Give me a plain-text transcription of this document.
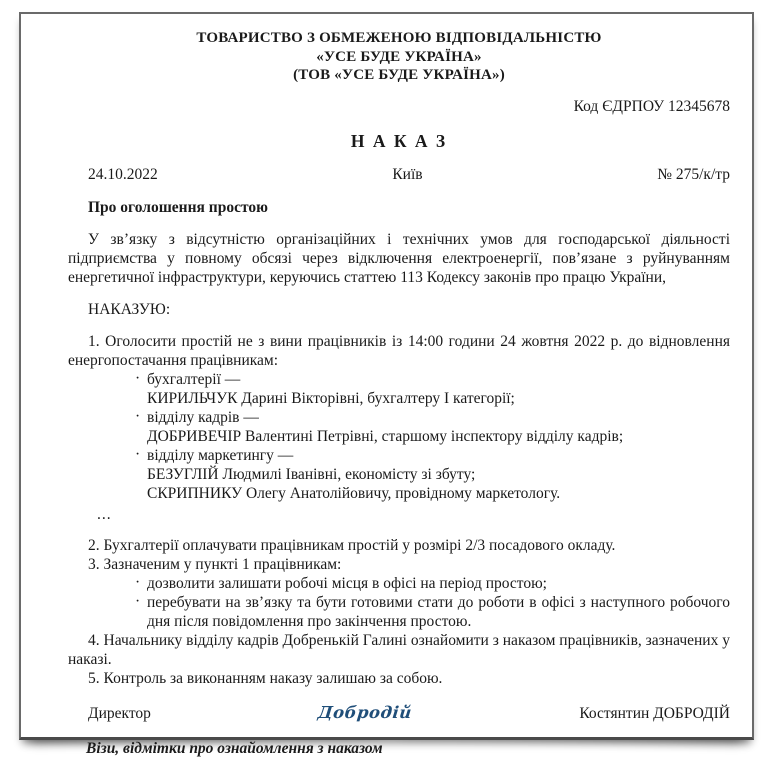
ТОВАРИСТВО З ОБМЕЖЕНОЮ ВІДПОВІДАЛЬНІСТЮ
«УСЕ БУДЕ УКРАЇНА»
(ТОВ «УСЕ БУДЕ УКРАЇНА»)
Код ЄДРПОУ 12345678
Н А К А З
24.10.2022	Київ	№ 275/к/тр

Про оголошення простою

У зв’язку з відсутністю організаційних і технічних умов для господарської діяльності підприємства у повному обсязі через відключення електроенергії, пов’язане з руйнуванням енергетичної інфраструктури, керуючись статтею 113 Кодексу законів про працю України,

НАКАЗУЮ:

1. Оголосити простій не з вини працівників із 14:00 години 24 жовтня 2022 р. до відновлення енергопостачання працівникам:

· бухгалтерії —
КИРИЛЬЧУК Дарині Вікторівні, бухгалтеру І категорії;
· відділу кадрів —
ДОБРИВЕЧІР Валентині Петрівні, старшому інспектору відділу кадрів;
· відділу маркетингу —
БЕЗУГЛІЙ Людмилі Іванівні, економісту зі збуту;
СКРИПНИКУ Олегу Анатолійовичу, провідному маркетологу.
...

2. Бухгалтерії оплачувати працівникам простій у розмірі 2/3 посадового окладу.

3. Зазначеним у пункті 1 працівникам:

· дозволити залишати робочі місця в офісі на період простою;
· перебувати на зв’язку та бути готовими стати до роботи в офісі з наступного робочого дня після повідомлення про закінчення простою.

4. Начальнику відділу кадрів Добренькій Галині ознайомити з наказом працівників, зазначених у наказі.

5. Контроль за виконанням наказу залишаю за собою.

Директор	Добродій	Костянтин ДОБРОДІЙ

Візи, відмітки про ознайомлення з наказом
